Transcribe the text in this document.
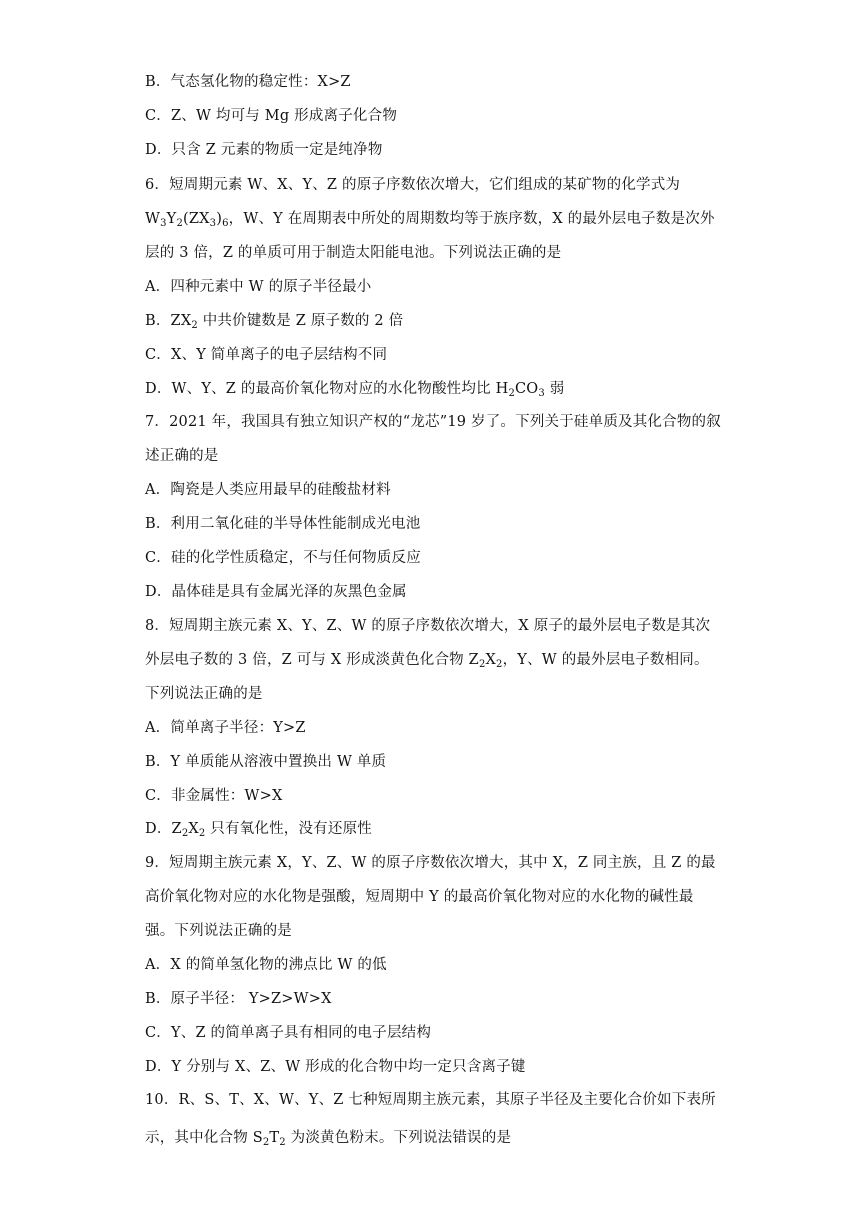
B．气态氢化物的稳定性：X>Z
C．Z、W 均可与 Mg 形成离子化合物
D．只含 Z 元素的物质一定是纯净物
6．短周期元素 W、X、Y、Z 的原子序数依次增大，它们组成的某矿物的化学式为
$W_3Y_2(ZX_3)_6$，W、Y 在周期表中所处的周期数均等于族序数，X 的最外层电子数是次外
层的 3 倍，Z 的单质可用于制造太阳能电池。下列说法正确的是
A．四种元素中 W 的原子半径最小
B．$ZX_2$ 中共价键数是 Z 原子数的 2 倍
C．X、Y 简单离子的电子层结构不同
D．W、Y、Z 的最高价氧化物对应的水化物酸性均比 $H_2CO_3$ 弱
7．2021 年，我国具有独立知识产权的“龙芯”19 岁了。下列关于硅单质及其化合物的叙
述正确的是
A．陶瓷是人类应用最早的硅酸盐材料
B．利用二氧化硅的半导体性能制成光电池
C．硅的化学性质稳定，不与任何物质反应
D．晶体硅是具有金属光泽的灰黑色金属
8．短周期主族元素 X、Y、Z、W 的原子序数依次增大，X 原子的最外层电子数是其次
外层电子数的 3 倍，Z 可与 X 形成淡黄色化合物 $Z_2X_2$，Y、W 的最外层电子数相同。
下列说法正确的是
A．简单离子半径：Y>Z
B．Y 单质能从溶液中置换出 W 单质
C．非金属性：W>X
D．$Z_2X_2$ 只有氧化性，没有还原性
9．短周期主族元素 X，Y、Z、W 的原子序数依次增大，其中 X，Z 同主族，且 Z 的最
高价氧化物对应的水化物是强酸，短周期中 Y 的最高价氧化物对应的水化物的碱性最
强。下列说法正确的是
A．X 的简单氢化物的沸点比 W 的低
B．原子半径： Y>Z>W>X
C．Y、Z 的简单离子具有相同的电子层结构
D．Y 分别与 X、Z、W 形成的化合物中均一定只含离子键
10．R、S、T、X、W、Y、Z 七种短周期主族元素，其原子半径及主要化合价如下表所
示，其中化合物 $S_2T_2$ 为淡黄色粉末。下列说法错误的是
